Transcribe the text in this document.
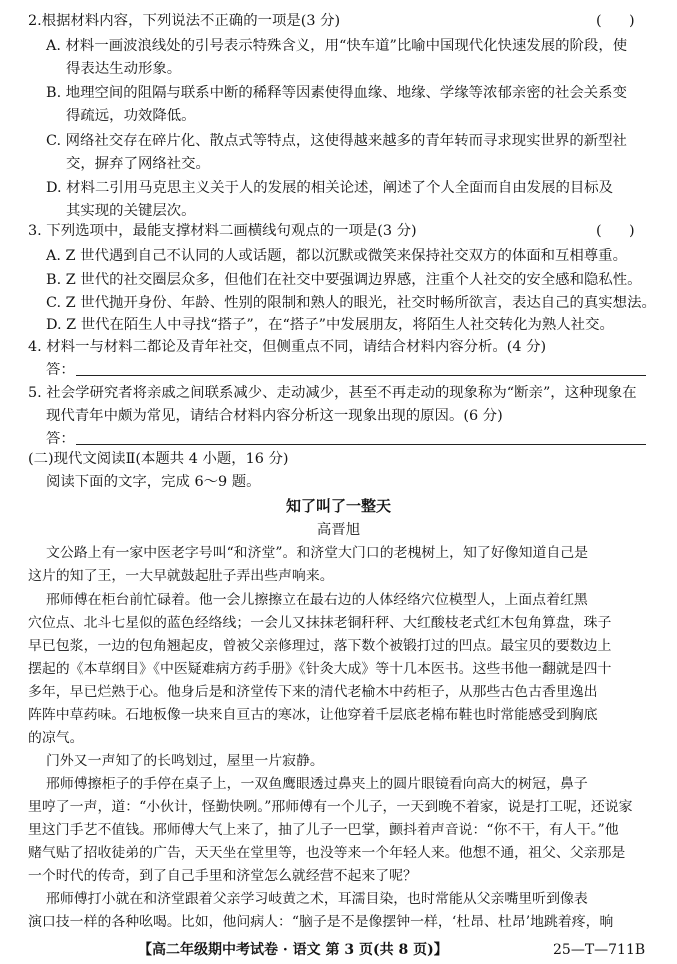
2.根据材料内容，下列说法不正确的一项是(3 分)	(      )
A. 材料一画波浪线处的引号表示特殊含义，用“快车道”比喻中国现代化快速发展的阶段，使
得表达生动形象。
B. 地理空间的阻隔与联系中断的稀释等因素使得血缘、地缘、学缘等浓郁亲密的社会关系变
得疏远，功效降低。
C. 网络社交存在碎片化、散点式等特点，这使得越来越多的青年转而寻求现实世界的新型社
交，摒弃了网络社交。
D. 材料二引用马克思主义关于人的发展的相关论述，阐述了个人全面而自由发展的目标及
其实现的关键层次。
3. 下列选项中，最能支撑材料二画横线句观点的一项是(3 分)	(      )
A. Z 世代遇到自己不认同的人或话题，都以沉默或微笑来保持社交双方的体面和互相尊重。
B. Z 世代的社交圈层众多，但他们在社交中要强调边界感，注重个人社交的安全感和隐私性。
C. Z 世代抛开身份、年龄、性别的限制和熟人的眼光，社交时畅所欲言，表达自己的真实想法。
D. Z 世代在陌生人中寻找“搭子”，在“搭子”中发展朋友，将陌生人社交转化为熟人社交。
4. 材料一与材料二都论及青年社交，但侧重点不同，请结合材料内容分析。(4 分)
答：
5. 社会学研究者将亲戚之间联系减少、走动减少，甚至不再走动的现象称为“断亲”，这种现象在
现代青年中颇为常见，请结合材料内容分析这一现象出现的原因。(6 分)
答：
(二)现代文阅读Ⅱ(本题共 4 小题，16 分)
阅读下面的文字，完成 6～9 题。
知了叫了一整天
高晋旭
文公路上有一家中医老字号叫“和济堂”。和济堂大门口的老槐树上，知了好像知道自己是
这片的知了王，一大早就鼓起肚子弄出些声响来。
邢师傅在柜台前忙碌着。他一会儿擦擦立在最右边的人体经络穴位模型人，上面点着红黑
穴位点、北斗七星似的蓝色经络线；一会儿又抹抹老铜秆秤、大红酸枝老式红木包角算盘，珠子
早已包浆，一边的包角翘起皮，曾被父亲修理过，落下数个被锻打过的凹点。最宝贝的要数边上
摆起的《本草纲目》《中医疑难病方药手册》《针灸大成》等十几本医书。这些书他一翻就是四十
多年，早已烂熟于心。他身后是和济堂传下来的清代老榆木中药柜子，从那些古色古香里逸出
阵阵中草药味。石地板像一块来自亘古的寒冰，让他穿着千层底老棉布鞋也时常能感受到胸底
的凉气。
门外又一声知了的长鸣划过，屋里一片寂静。
邢师傅擦柜子的手停在桌子上，一双鱼鹰眼透过鼻夹上的圆片眼镜看向高大的树冠，鼻子
里哼了一声，道：“小伙计，怪勤快咧。”邢师傅有一个儿子，一天到晚不着家，说是打工呢，还说家
里这门手艺不值钱。邢师傅大气上来了，抽了儿子一巴掌，颤抖着声音说：“你不干，有人干。”他
赌气贴了招收徒弟的广告，天天坐在堂里等，也没等来一个年轻人来。他想不通，祖父、父亲那是
一个时代的传奇，到了自己手里和济堂怎么就经营不起来了呢？
邢师傅打小就在和济堂跟着父亲学习岐黄之术，耳濡目染，也时常能从父亲嘴里听到像表
演口技一样的各种吆喝。比如，他问病人：“脑子是不是像摆钟一样，‘杜昂、杜昂’地跳着疼，晌
【高二年级期中考试卷 · 语文 第 3 页(共 8 页)】	25—T—711B
